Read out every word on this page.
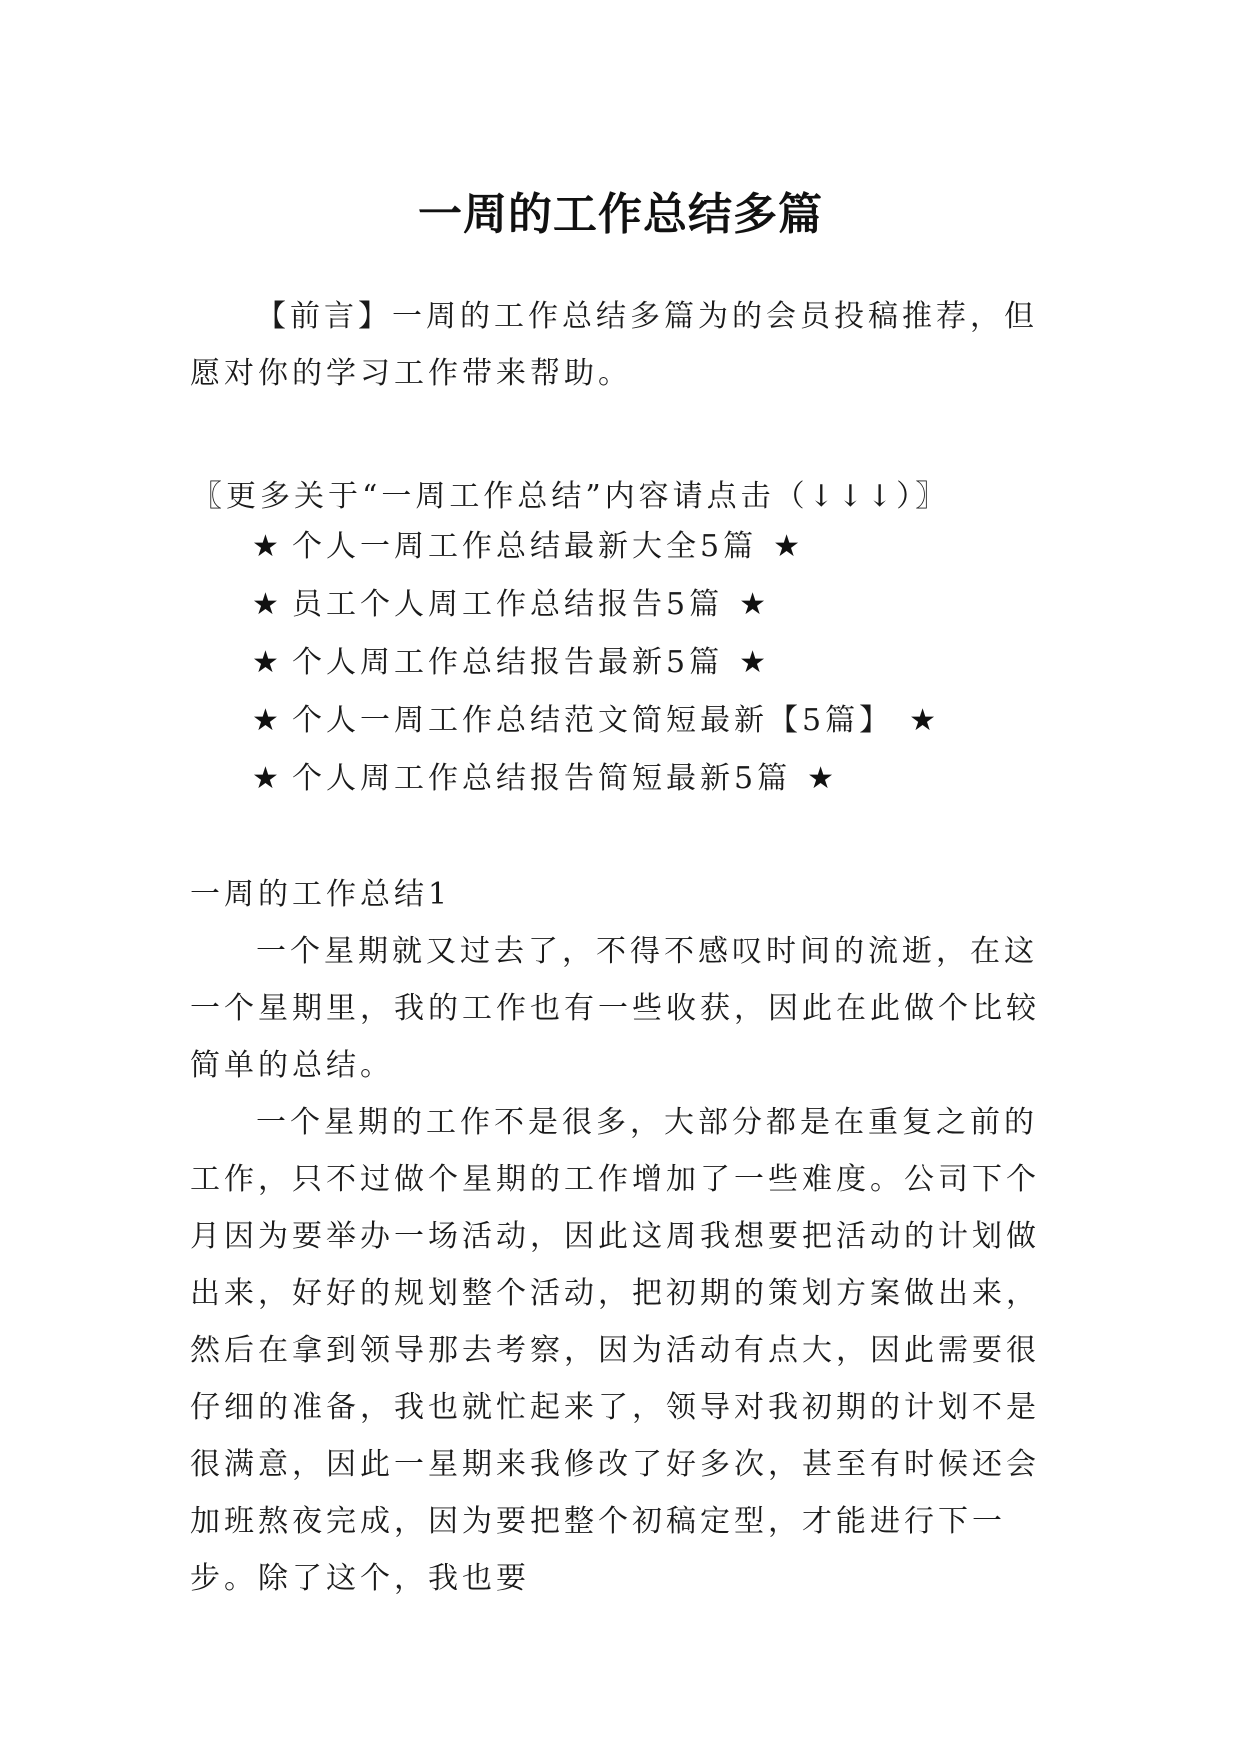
一周的工作总结多篇

【前言】一周的工作总结多篇为的会员投稿推荐，但愿对你的学习工作带来帮助。

〖更多关于“一周工作总结”内容请点击（↓↓↓）〗
★ 个人一周工作总结最新大全5篇 ★
★ 员工个人周工作总结报告5篇 ★
★ 个人周工作总结报告最新5篇 ★
★ 个人一周工作总结范文简短最新【5篇】 ★
★ 个人周工作总结报告简短最新5篇 ★
一周的工作总结1

一个星期就又过去了，不得不感叹时间的流逝，在这一个星期里，我的工作也有一些收获，因此在此做个比较简单的总结。

一个星期的工作不是很多，大部分都是在重复之前的工作，只不过做个星期的工作增加了一些难度。公司下个月因为要举办一场活动，因此这周我想要把活动的计划做出来，好好的规划整个活动，把初期的策划方案做出来，然后在拿到领导那去考察，因为活动有点大，因此需要很仔细的准备，我也就忙起来了，领导对我初期的计划不是很满意，因此一星期来我修改了好多次，甚至有时候还会加班熬夜完成，因为要把整个初稿定型，才能进行下一步。除了这个，我也要
